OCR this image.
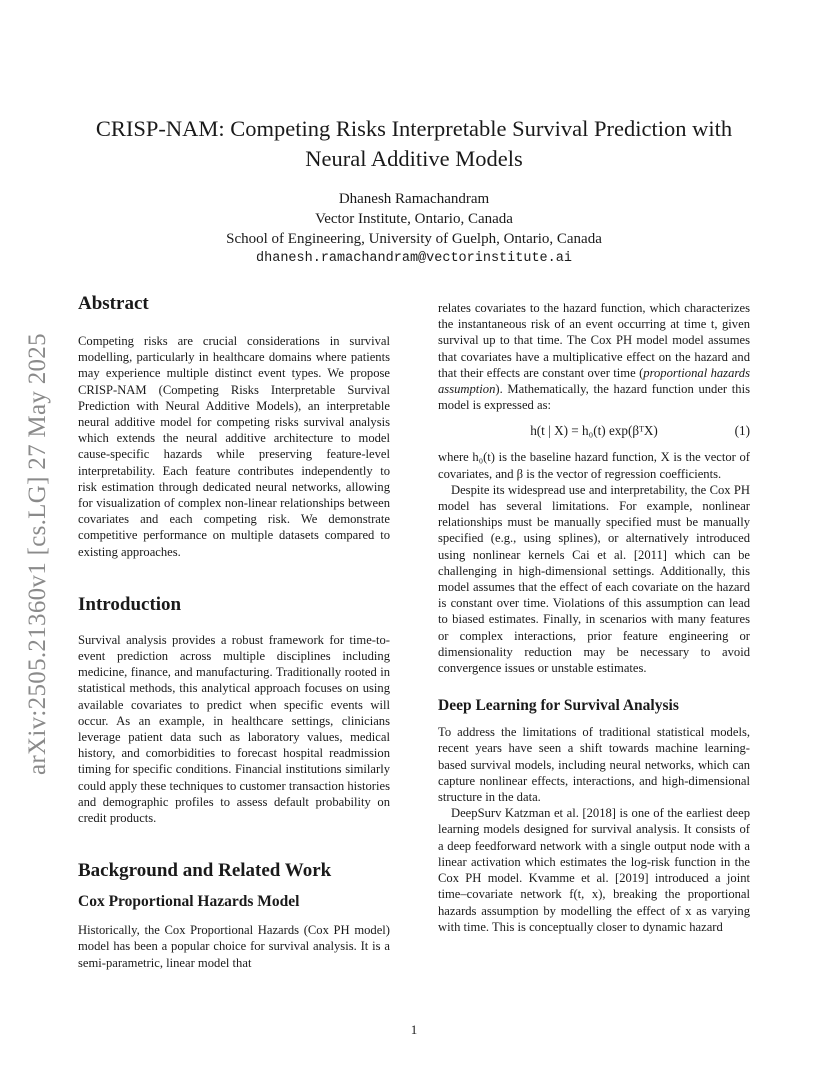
arXiv:2505.21360v1 [cs.LG] 27 May 2025
CRISP-NAM: Competing Risks Interpretable Survival Prediction with
Neural Additive Models
Dhanesh Ramachandram
Vector Institute, Ontario, Canada
School of Engineering, University of Guelph, Ontario, Canada
dhanesh.ramachandram@vectorinstitute.ai
Abstract

Competing risks are crucial considerations in survival modelling, particularly in healthcare domains where patients may experience multiple distinct event types. We propose CRISP-NAM (Competing Risks Interpretable Survival Prediction with Neural Additive Models), an interpretable neural additive model for competing risks survival analysis which extends the neural additive architecture to model cause-specific hazards while preserving feature-level interpretability. Each feature contributes independently to risk estimation through dedicated neural networks, allowing for visualization of complex non-linear relationships between covariates and each competing risk. We demonstrate competitive performance on multiple datasets compared to existing approaches.

Introduction

Survival analysis provides a robust framework for time-to-event prediction across multiple disciplines including medicine, finance, and manufacturing. Traditionally rooted in statistical methods, this analytical approach focuses on using available covariates to predict when specific events will occur. As an example, in healthcare settings, clinicians leverage patient data such as laboratory values, medical history, and comorbidities to forecast hospital readmission timing for specific conditions. Financial institutions similarly could apply these techniques to customer transaction histories and demographic profiles to assess default probability on credit products.

Background and Related Work
Cox Proportional Hazards Model

Historically, the Cox Proportional Hazards (Cox PH model) model has been a popular choice for survival analysis. It is a semi-parametric, linear model that

relates covariates to the hazard function, which characterizes the instantaneous risk of an event occurring at time t, given survival up to that time. The Cox PH model model assumes that covariates have a multiplicative effect on the hazard and that their effects are constant over time (proportional hazards assumption). Mathematically, the hazard function under this model is expressed as:

h(t | X) = h₀(t) exp(βᵀX)	(1)

where h₀(t) is the baseline hazard function, X is the vector of covariates, and β is the vector of regression coefficients.

Despite its widespread use and interpretability, the Cox PH model has several limitations. For example, nonlinear relationships must be manually specified must be manually specified (e.g., using splines), or alternatively introduced using nonlinear kernels Cai et al. [2011] which can be challenging in high-dimensional settings. Additionally, this model assumes that the effect of each covariate on the hazard is constant over time. Violations of this assumption can lead to biased estimates. Finally, in scenarios with many features or complex interactions, prior feature engineering or dimensionality reduction may be necessary to avoid convergence issues or unstable estimates.

Deep Learning for Survival Analysis

To address the limitations of traditional statistical models, recent years have seen a shift towards machine learning-based survival models, including neural networks, which can capture nonlinear effects, interactions, and high-dimensional structure in the data.

DeepSurv Katzman et al. [2018] is one of the earliest deep learning models designed for survival analysis. It consists of a deep feedforward network with a single output node with a linear activation which estimates the log-risk function in the Cox PH model. Kvamme et al. [2019] introduced a joint time–covariate network f(t, x), breaking the proportional hazards assumption by modelling the effect of x as varying with time. This is conceptually closer to dynamic hazard

1
